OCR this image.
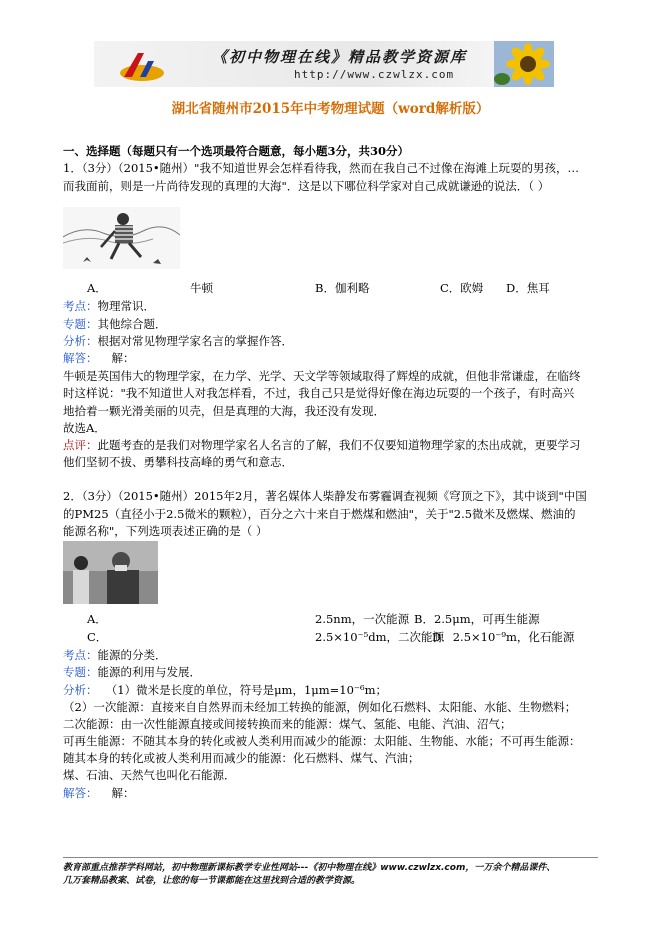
《初中物理在线》精品教学资源库
http://www.czwlzx.com
湖北省随州市2015年中考物理试题（word解析版）
一、选择题（每题只有一个选项最符合题意，每小题3分，共30分）
1．（3分）（2015•随州）"我不知道世界会怎样看待我，然而在我自己不过像在海滩上玩耍的男孩，…
而我面前，则是一片尚待发现的真理的大海"．这是以下哪位科学家对自己成就谦逊的说法．（ ）
A．	牛顿	B．伽利略	C．欧姆 D．焦耳
考点：物理常识．
专题：其他综合题．
分析：根据对常见物理学家名言的掌握作答．
解答： 解：
牛顿是英国伟大的物理学家，在力学、光学、天文学等领域取得了辉煌的成就，但他非常谦虚，在临终
时这样说："我不知道世人对我怎样看，不过，我自己只是觉得好像在海边玩耍的一个孩子，有时高兴
地拾着一颗光滑美丽的贝壳，但是真理的大海，我还没有发现．
故选A．
点评：此题考查的是我们对物理学家名人名言的了解，我们不仅要知道物理学家的杰出成就，更要学习
他们坚韧不拔、勇攀科技高峰的勇气和意志．
2．（3分）（2015•随州）2015年2月，著名媒体人柴静发布雾霾调查视频《穹顶之下》，其中谈到"中国
的PM25（直径小于2.5微米的颗粒），百分之六十来自于燃煤和燃油"，关于"2.5微米及燃煤、燃油的
能源名称"，下列选项表述正确的是（ ）
A．	2.5nm，一次能源 B．2.5μm，可再生能源
C．	2.5×10⁻⁵dm，二次能源
D．2.5×10⁻⁹m，化石能源
考点：能源的分类．
专题：能源的利用与发展．
分析： （1）微米是长度的单位，符号是μm，1μm=10⁻⁶m；
（2）一次能源：直接来自自然界而未经加工转换的能源，例如化石燃料、太阳能、水能、生物燃料；
二次能源：由一次性能源直接或间接转换而来的能源：煤气、氢能、电能、汽油、沼气；
可再生能源：不随其本身的转化或被人类利用而减少的能源：太阳能、生物能、水能；不可再生能源：
随其本身的转化或被人类利用而减少的能源：化石燃料、煤气、汽油；
煤、石油、天然气也叫化石能源．
解答： 解：
教育部重点推荐学科网站，初中物理新课标教学专业性网站---《初中物理在线》www.czwlzx.com，一万余个精品课件、
几万套精品教案、试卷，让您的每一节课都能在这里找到合适的教学资源。
